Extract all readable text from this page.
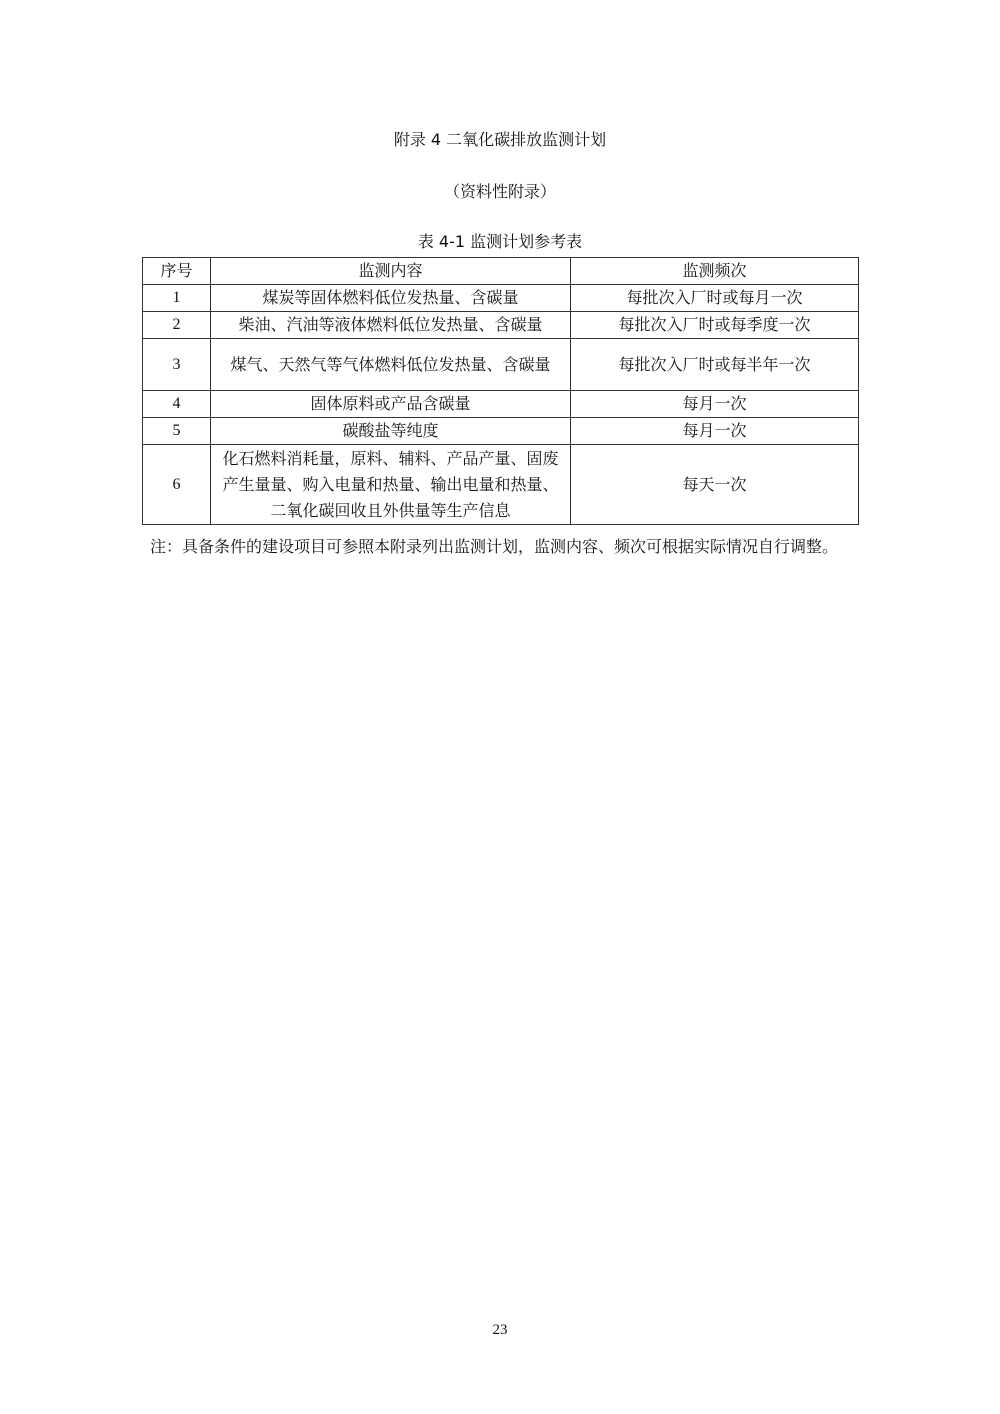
附录 4 二氧化碳排放监测计划
（资料性附录）
表 4-1 监测计划参考表
序号	监测内容	监测频次
1	煤炭等固体燃料低位发热量、含碳量	每批次入厂时或每月一次
2	柴油、汽油等液体燃料低位发热量、含碳量	每批次入厂时或每季度一次
3	煤气、天然气等气体燃料低位发热量、含碳量	每批次入厂时或每半年一次
4	固体原料或产品含碳量	每月一次
5	碳酸盐等纯度	每月一次
6	化石燃料消耗量，原料、辅料、产品产量、固废产生量量、购入电量和热量、输出电量和热量、二氧化碳回收且外供量等生产信息	每天一次
注：具备条件的建设项目可参照本附录列出监测计划，监测内容、频次可根据实际情况自行调整。
23
